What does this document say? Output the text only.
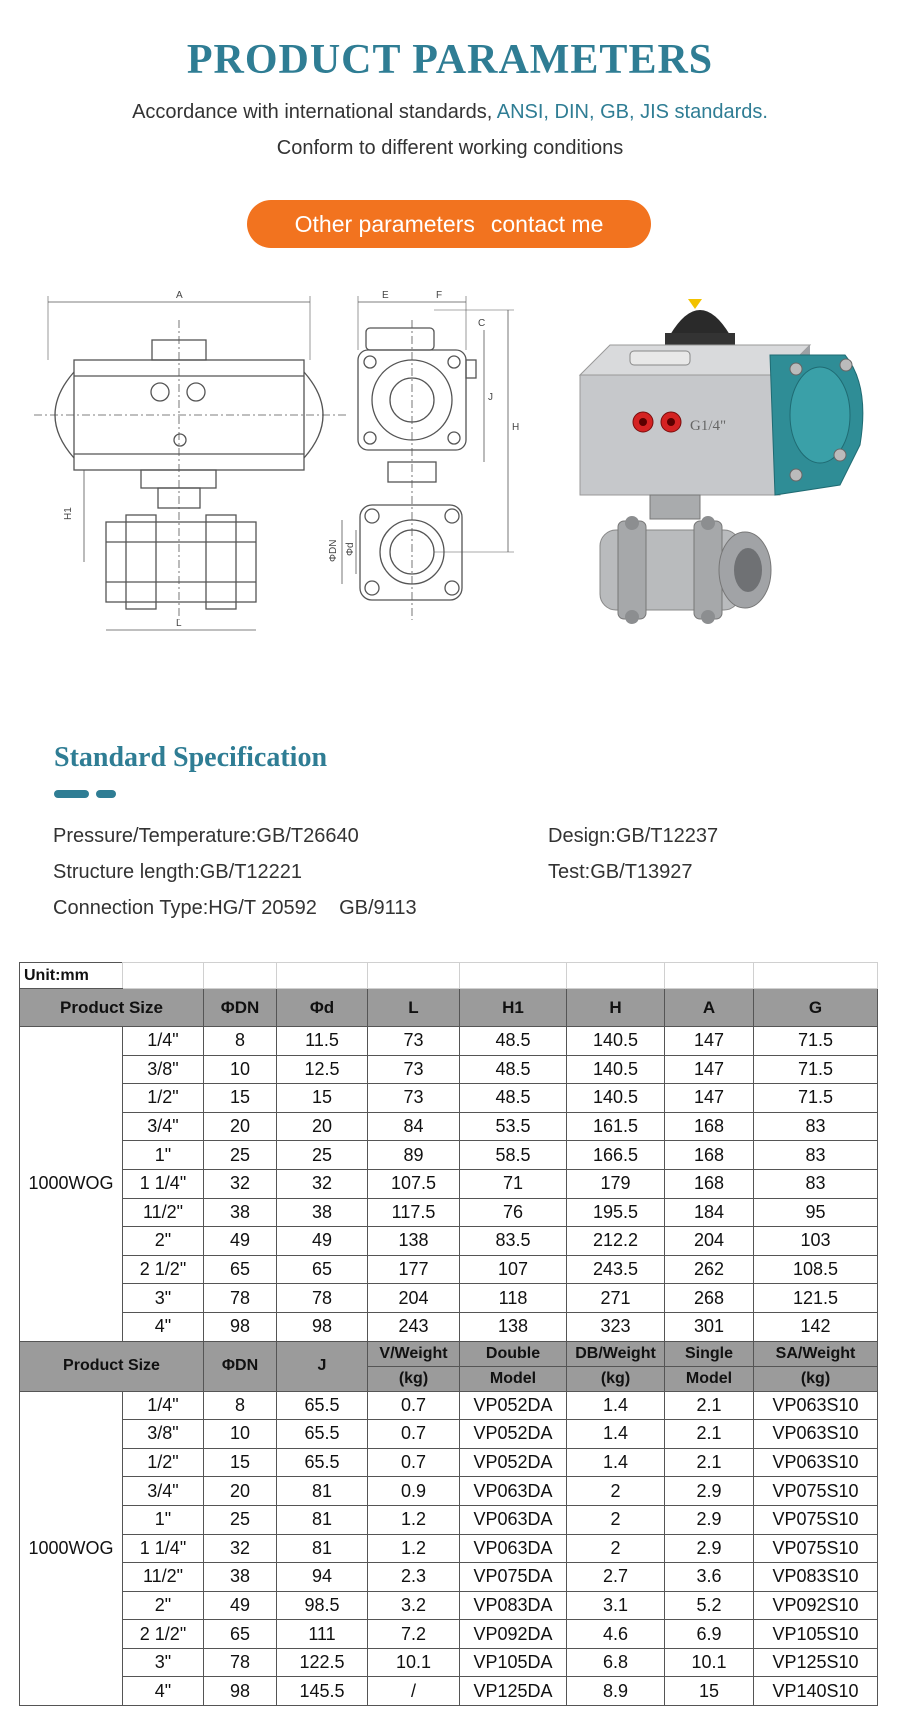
PRODUCT PARAMETERS
Accordance with international standards, ANSI, DIN, GB, JIS standards.
Conform to different working conditions
Other parameters contact me
A
H1
L
E	F
C
J
H
ΦDN Φd
G1/4"
Standard Specification
Pressure/Temperature:GB/T26640	Design:GB/T12237
Structure length:GB/T12221	Test:GB/T13927
Connection Type:HG/T 20592    GB/9113
Unit:mm								
Product Size		ΦDN	Φd	L	H1	H	A	G
1000WOG	1/4"	8	11.5	73	48.5	140.5	147	71.5
	3/8"	10	12.5	73	48.5	140.5	147	71.5
	1/2"	15	15	73	48.5	140.5	147	71.5
	3/4"	20	20	84	53.5	161.5	168	83
	1"	25	25	89	58.5	166.5	168	83
	1 1/4"	32	32	107.5	71	179	168	83
	11/2"	38	38	117.5	76	195.5	184	95
	2"	49	49	138	83.5	212.2	204	103
	2 1/2"	65	65	177	107	243.5	262	108.5
	3"	78	78	204	118	271	268	121.5
	4"	98	98	243	138	323	301	142
Product Size		ΦDN	J	V/Weight	Double	DB/Weight	Single	SA/Weight
				(kg)	Model	(kg)	Model	(kg)
1000WOG	1/4"	8	65.5	0.7	VP052DA	1.4	2.1	VP063S10
	3/8"	10	65.5	0.7	VP052DA	1.4	2.1	VP063S10
	1/2"	15	65.5	0.7	VP052DA	1.4	2.1	VP063S10
	3/4"	20	81	0.9	VP063DA	2	2.9	VP075S10
	1"	25	81	1.2	VP063DA	2	2.9	VP075S10
	1 1/4"	32	81	1.2	VP063DA	2	2.9	VP075S10
	11/2"	38	94	2.3	VP075DA	2.7	3.6	VP083S10
	2"	49	98.5	3.2	VP083DA	3.1	5.2	VP092S10
	2 1/2"	65	111	7.2	VP092DA	4.6	6.9	VP105S10
	3"	78	122.5	10.1	VP105DA	6.8	10.1	VP125S10
	4"	98	145.5	/	VP125DA	8.9	15	VP140S10
